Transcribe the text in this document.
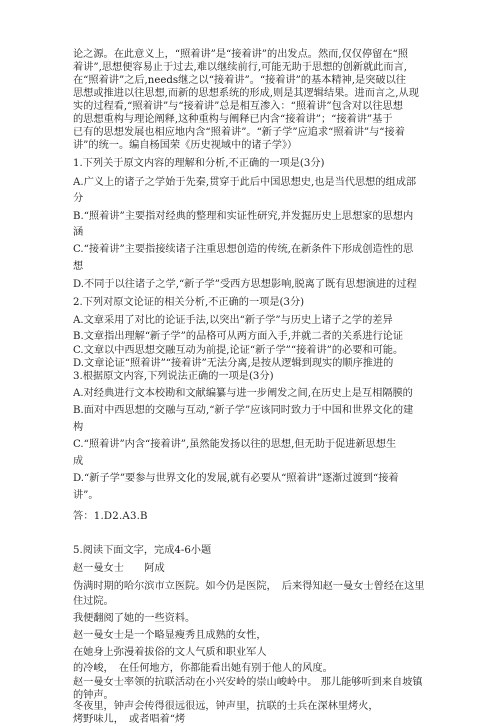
论之源。在此意义上，“照着讲”是“接着讲”的出发点。然而,仅仅停留在“照
着讲”,思想便容易止于过去,难以继续前行,可能无助于思想的创新就此而言,
在“照着讲”之后,needs继之以“接着讲”。“接着讲”的基本精神,是突破以往
思想或推进以往思想,而新的思想系统的形成,则是其逻辑结果。进而言之,从现
实的过程看,“照着讲”与“接着讲”总是相互渗入：“照着讲”包含对以往思想
的思想重构与理论阐释,这种重构与阐释已内含“接着讲”；“接着讲”基于
已有的思想发展也相应地内含“照着讲”。“新子学”应追求“照着讲”与“接着
讲”的统一。编自杨国荣《历史视域中的诸子学》）
1.下列关于原文内容的理解和分析,不正确的一项是(3分)
A.广义上的诸子之学始于先秦,贯穿于此后中国思想史,也是当代思想的组成部
分
B.“照着讲”主要指对经典的整理和实证性研究,并发掘历史上思想家的思想内
涵
C.“接着讲”主要指接续诸子注重思想创造的传统,在新条件下形成创造性的思
想
D.不同于以往诸子之学,“新子学”受西方思想影响,脱离了既有思想演进的过程
2.下列对原文论证的相关分析,不正确的一项是(3分)
A.文章采用了对比的论证手法,以突出“新子学”与历史上诸子之学的差异
B.文章指出理解“新子学”的品格可从两方面入手,并就二者的关系进行论证
C.文章以中西思想交融互动为前提,论证“新子学”“接着讲”的必要和可能。
D.文章论证“照着讲”“接着讲”无法分离,是按从逻辑到现实的顺序推进的
3.根据原文内容,下列说法正确的一项是(3分)
A.对经典进行文本校勘和文献编纂与进一步阐发之间,在历史上是互相隔膜的
B.面对中西思想的交融与互动,“新子学”应该同时致力于中国和世界文化的建
构
C.“照着讲”内含“接着讲”,虽然能发扬以往的思想,但无助于促进新思想生
成
D.“新子学”要参与世界文化的发展,就有必要从“照着讲”逐渐过渡到“接着
讲”。
答：1.D2.A3.B
5.阅读下面文字，完成4-6小题
赵一曼女士　　阿成
伪满时期的哈尔滨市立医院。如今仍是医院，　后来得知赵一曼女士曾经在这里
住过院。
我便翻阅了她的一些资料。
赵一曼女士是一个略显瘦秀且成熟的女性，
在她身上弥漫着拔俗的文人气质和职业军人
的冷峻，　在任何地方，你都能看出她有别于他人的风度。
赵一曼女士率领的抗联活动在小兴安岭的崇山峻岭中。 那儿能够听到来自坡镇
的钟声。
冬夜里，钟声会传得很远很远，钟声里，抗联的士兵在深林里烤火，
烤野味儿，　或者唱着“烤
